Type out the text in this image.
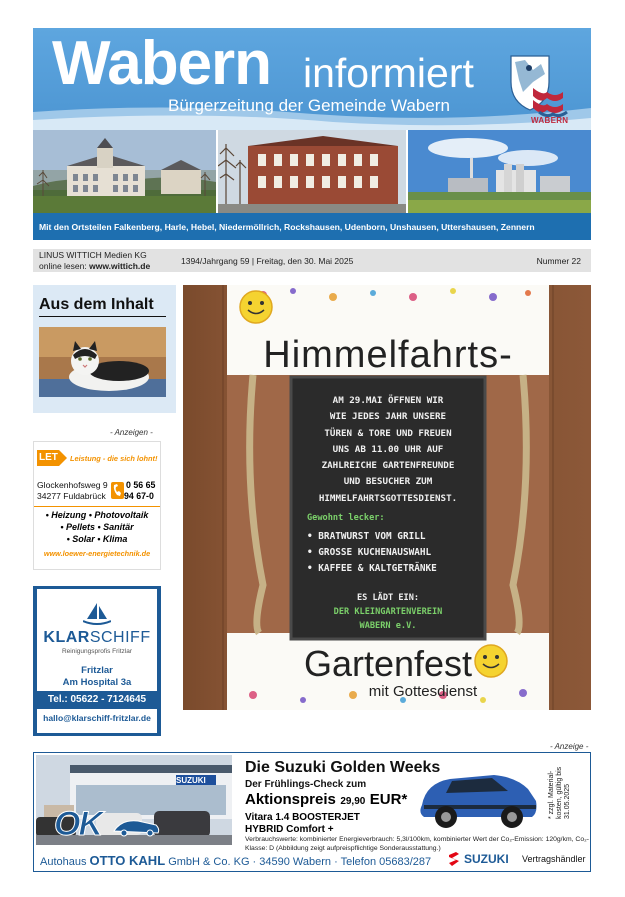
Wabern informiert
Bürgerzeitung der Gemeinde Wabern
WABERN
Mit den Ortsteilen Falkenberg, Harle, Hebel, Niedermöllrich, Rockshausen, Udenborn, Unshausen, Uttershausen, Zennern
LINUS WITTICH Medien KG
online lesen: www.wittich.de	1394/Jahrgang 59 | Freitag, den 30. Mai 2025	Nummer 22
Aus dem Inhalt
- Anzeigen -
LET Leistung - die sich lohnt!
Glockenhofsweg 9
34277 Fuldabrück
0 56 65
94 67-0
• Heizung • Photovoltaik
• Pellets • Sanitär
• Solar • Klima
www.loewer-energietechnik.de
KLARSCHIFF
Reinigungsprofis Fritzlar
Fritzlar
Am Hospital 3a
Tel.: 05622 - 7124645
hallo@klarschiff-fritzlar.de
Himmelfahrts-
AM 29.MAI ÖFFNEN WIR
WIE JEDES JAHR UNSERE
TÜREN & TORE UND FREUEN
UNS AB 11.00 UHR AUF
ZAHLREICHE GARTENFREUNDE
UND BESUCHER ZUM
HIMMELFAHRTSGOTTESDIENST.
Gewohnt lecker:
• BRATWURST VOM GRILL
• GROSSE KUCHENAUSWAHL
• KAFFEE & KALTGETRÄNKE
ES LÄDT EIN:
DER KLEINGARTENVEREIN
WABERN e.V.
Gartenfest
mit Gottesdienst
- Anzeige -
SUZUKI
OK
Autohaus OTTO KAHL GmbH & Co. KG · 34590 Wabern · Telefon 05683/287
Die Suzuki Golden Weeks
Der Frühlings-Check zum
Aktionspreis 29,90 EUR*
Vitara 1.4 BOOSTERJET
HYBRID Comfort +
Verbrauchswerte: kombinierter Energieverbrauch: 5,3l/100km, kombinierter Wert der Co₂-Emission: 120g/km, Co₂-Klasse: D (Abbildung zeigt aufpreispflichtige Sonderausstattung.)
* zzgl. Material-kosten, gültig bis 31.05.2025
SUZUKI Vertragshändler
